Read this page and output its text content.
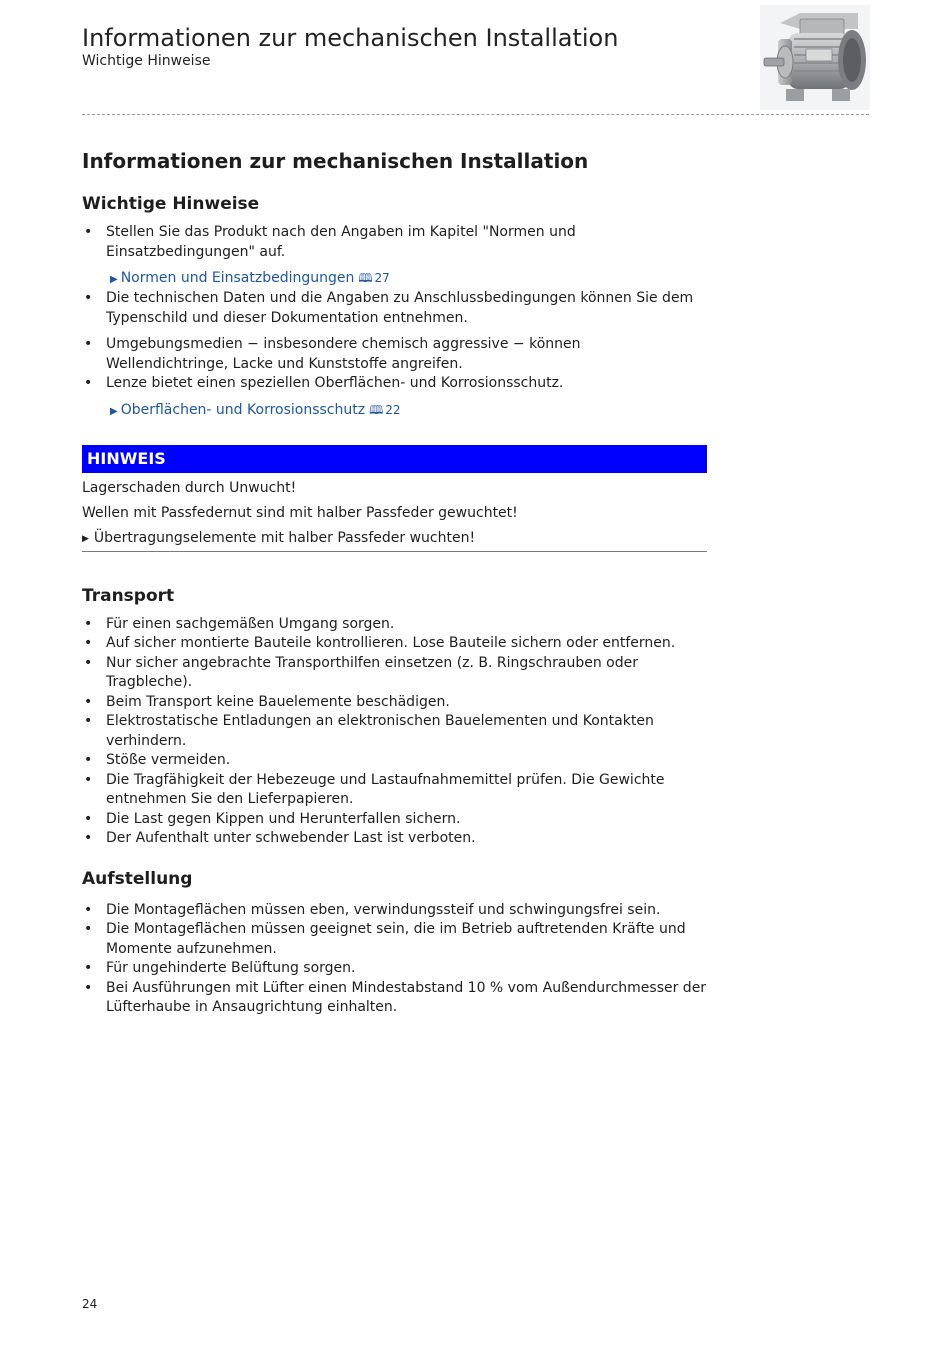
Informationen zur mechanischen Installation
Wichtige Hinweise
Informationen zur mechanischen Installation
Wichtige Hinweise
• Stellen Sie das Produkt nach den Angaben im Kapitel "Normen und Einsatzbedingungen" auf.
▶ Normen und Einsatzbedingungen 🕮 27
• Die technischen Daten und die Angaben zu Anschlussbedingungen können Sie dem Typenschild und dieser Dokumentation entnehmen.
• Umgebungsmedien − insbesondere chemisch aggressive − können Wellendichtringe, Lacke und Kunststoffe angreifen.
• Lenze bietet einen speziellen Oberflächen- und Korrosionsschutz.
▶ Oberflächen- und Korrosionsschutz 🕮 22
HINWEIS
Lagerschaden durch Unwucht!
Wellen mit Passfedernut sind mit halber Passfeder gewuchtet!
▶ Übertragungselemente mit halber Passfeder wuchten!
Transport
• Für einen sachgemäßen Umgang sorgen.
• Auf sicher montierte Bauteile kontrollieren. Lose Bauteile sichern oder entfernen.
• Nur sicher angebrachte Transporthilfen einsetzen (z. B. Ringschrauben oder Tragbleche).
• Beim Transport keine Bauelemente beschädigen.
• Elektrostatische Entladungen an elektronischen Bauelementen und Kontakten verhindern.
• Stöße vermeiden.
• Die Tragfähigkeit der Hebezeuge und Lastaufnahmemittel prüfen. Die Gewichte entnehmen Sie den Lieferpapieren.
• Die Last gegen Kippen und Herunterfallen sichern.
• Der Aufenthalt unter schwebender Last ist verboten.
Aufstellung
• Die Montageflächen müssen eben, verwindungssteif und schwingungsfrei sein.
• Die Montageflächen müssen geeignet sein, die im Betrieb auftretenden Kräfte und Momente aufzunehmen.
• Für ungehinderte Belüftung sorgen.
• Bei Ausführungen mit Lüfter einen Mindestabstand 10 % vom Außendurchmesser der Lüfterhaube in Ansaugrichtung einhalten.
24
